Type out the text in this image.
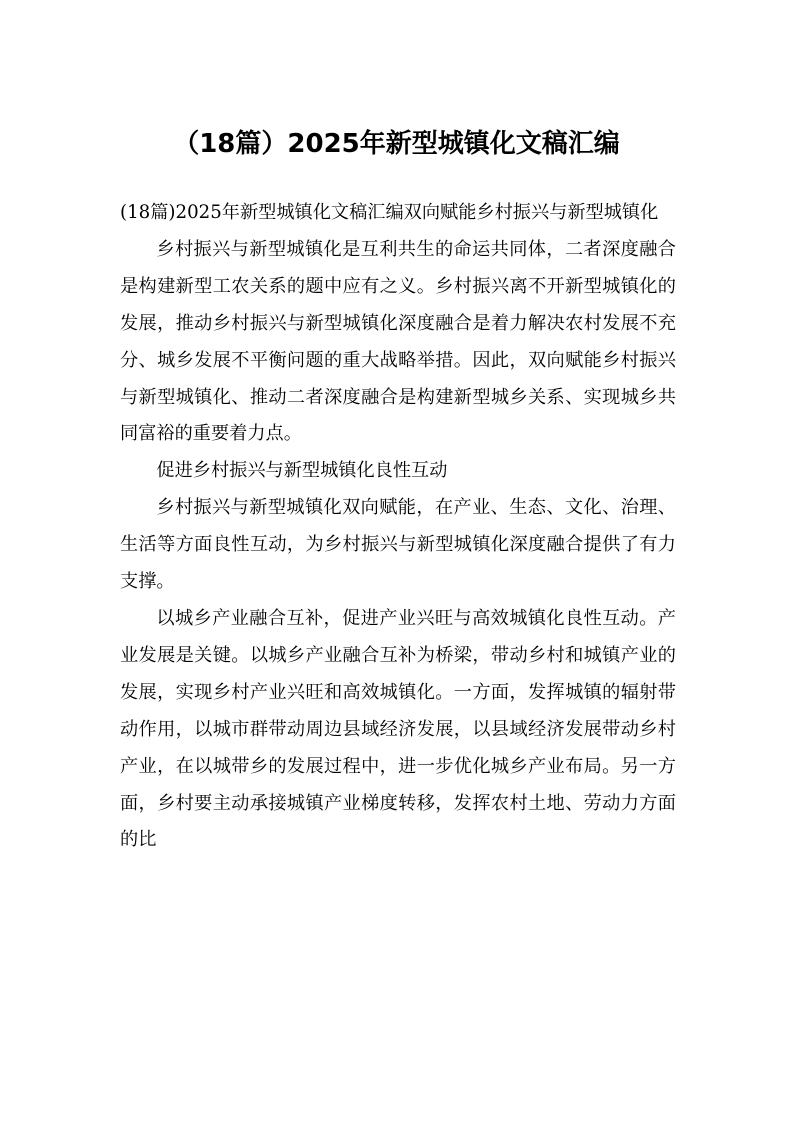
（18篇）2025年新型城镇化文稿汇编

(18篇)2025年新型城镇化文稿汇编双向赋能乡村振兴与新型城镇化

乡村振兴与新型城镇化是互利共生的命运共同体，二者深度融合是构建新型工农关系的题中应有之义。乡村振兴离不开新型城镇化的发展，推动乡村振兴与新型城镇化深度融合是着力解决农村发展不充分、城乡发展不平衡问题的重大战略举措。因此，双向赋能乡村振兴与新型城镇化、推动二者深度融合是构建新型城乡关系、实现城乡共同富裕的重要着力点。

促进乡村振兴与新型城镇化良性互动

乡村振兴与新型城镇化双向赋能，在产业、生态、文化、治理、生活等方面良性互动，为乡村振兴与新型城镇化深度融合提供了有力支撑。

以城乡产业融合互补，促进产业兴旺与高效城镇化良性互动。产业发展是关键。以城乡产业融合互补为桥梁，带动乡村和城镇产业的发展，实现乡村产业兴旺和高效城镇化。一方面，发挥城镇的辐射带动作用，以城市群带动周边县域经济发展，以县域经济发展带动乡村产业，在以城带乡的发展过程中，进一步优化城乡产业布局。另一方面，乡村要主动承接城镇产业梯度转移，发挥农村土地、劳动力方面的比
